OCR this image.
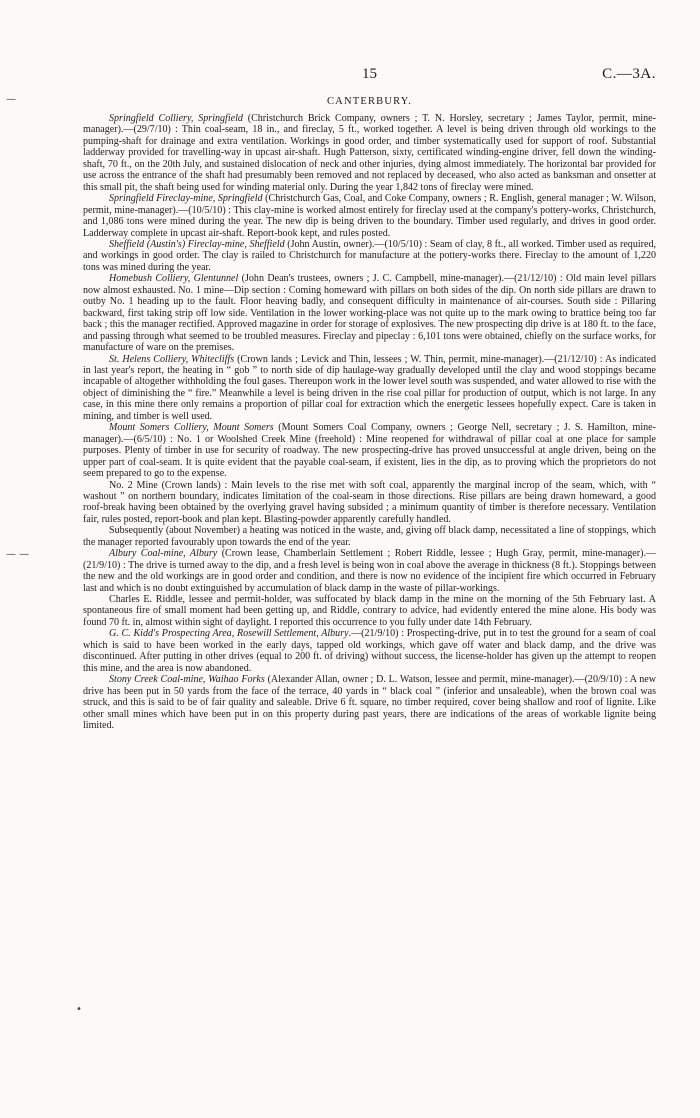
—
— —
•
15	C.—3A.
CANTERBURY.

Springfield Colliery, Springfield (Christchurch Brick Company, owners ; T. N. Horsley, secretary ; James Taylor, permit, mine-manager).—(29/7/10) : Thin coal-seam, 18 in., and fireclay, 5 ft., worked together. A level is being driven through old workings to the pumping-shaft for drainage and extra ventilation. Workings in good order, and timber systematically used for support of roof. Substantial ladderway provided for travelling-way in upcast air-shaft. Hugh Patterson, sixty, certificated winding-engine driver, fell down the winding-shaft, 70 ft., on the 20th July, and sustained dislocation of neck and other injuries, dying almost immediately. The horizontal bar provided for use across the entrance of the shaft had presumably been removed and not replaced by deceased, who also acted as banksman and onsetter at this small pit, the shaft being used for winding material only. During the year 1,842 tons of fireclay were mined.

Springfield Fireclay-mine, Springfield (Christchurch Gas, Coal, and Coke Company, owners ; R. English, general manager ; W. Wilson, permit, mine-manager).—(10/5/10) : This clay-mine is worked almost entirely for fireclay used at the company's pottery-works, Christchurch, and 1,086 tons were mined during the year. The new dip is being driven to the boundary. Timber used regularly, and drives in good order. Ladderway complete in upcast air-shaft. Report-book kept, and rules posted.

Sheffield (Austin's) Fireclay-mine, Sheffield (John Austin, owner).—(10/5/10) : Seam of clay, 8 ft., all worked. Timber used as required, and workings in good order. The clay is railed to Christchurch for manufacture at the pottery-works there. Fireclay to the amount of 1,220 tons was mined during the year.

Homebush Colliery, Glentunnel (John Dean's trustees, owners ; J. C. Campbell, mine-manager).—(21/12/10) : Old main level pillars now almost exhausted. No. 1 mine—Dip section : Coming homeward with pillars on both sides of the dip. On north side pillars are drawn to outby No. 1 heading up to the fault. Floor heaving badly, and consequent difficulty in maintenance of air-courses. South side : Pillaring backward, first taking strip off low side. Ventilation in the lower working-place was not quite up to the mark owing to brattice being too far back ; this the manager rectified. Approved magazine in order for storage of explosives. The new prospecting dip drive is at 180 ft. to the face, and passing through what seemed to be troubled measures. Fireclay and pipeclay : 6,101 tons were obtained, chiefly on the surface works, for manufacture of ware on the premises.

St. Helens Colliery, Whitecliffs (Crown lands ; Levick and Thin, lessees ; W. Thin, permit, mine-manager).—(21/12/10) : As indicated in last year's report, the heating in “ gob ” to north side of dip haulage-way gradually developed until the clay and wood stoppings became incapable of altogether withholding the foul gases. Thereupon work in the lower level south was suspended, and water allowed to rise with the object of diminishing the “ fire.” Meanwhile a level is being driven in the rise coal pillar for production of output, which is not large. In any case, in this mine there only remains a proportion of pillar coal for extraction which the energetic lessees hopefully expect. Care is taken in mining, and timber is well used.

Mount Somers Colliery, Mount Somers (Mount Somers Coal Company, owners ; George Nell, secretary ; J. S. Hamilton, mine-manager).—(6/5/10) : No. 1 or Woolshed Creek Mine (freehold) : Mine reopened for withdrawal of pillar coal at one place for sample purposes. Plenty of timber in use for security of roadway. The new prospecting-drive has proved unsuccessful at angle driven, being on the upper part of coal-seam. It is quite evident that the payable coal-seam, if existent, lies in the dip, as to proving which the proprietors do not seem prepared to go to the expense.

No. 2 Mine (Crown lands) : Main levels to the rise met with soft coal, apparently the marginal incrop of the seam, which, with “ washout ” on northern boundary, indicates limitation of the coal-seam in those directions. Rise pillars are being drawn homeward, a good roof-break having been obtained by the overlying gravel having subsided ; a minimum quantity of timber is therefore necessary. Ventilation fair, rules posted, report-book and plan kept. Blasting-powder apparently carefully handled.

Subsequently (about November) a heating was noticed in the waste, and, giving off black damp, necessitated a line of stoppings, which the manager reported favourably upon towards the end of the year.

Albury Coal-mine, Albury (Crown lease, Chamberlain Settlement ; Robert Riddle, lessee ; Hugh Gray, permit, mine-manager).—(21/9/10) : The drive is turned away to the dip, and a fresh level is being won in coal above the average in thickness (8 ft.). Stoppings between the new and the old workings are in good order and condition, and there is now no evidence of the incipient fire which occurred in February last and which is no doubt extinguished by accumulation of black damp in the waste of pillar-workings.

Charles E. Riddle, lessee and permit-holder, was suffocated by black damp in the mine on the morning of the 5th February last. A spontaneous fire of small moment had been getting up, and Riddle, contrary to advice, had evidently entered the mine alone. His body was found 70 ft. in, almost within sight of daylight. I reported this occurrence to you fully under date 14th February.

G. C. Kidd's Prospecting Area, Rosewill Settlement, Albury.—(21/9/10) : Prospecting-drive, put in to test the ground for a seam of coal which is said to have been worked in the early days, tapped old workings, which gave off water and black damp, and the drive was discontinued. After putting in other drives (equal to 200 ft. of driving) without success, the license-holder has given up the attempt to reopen this mine, and the area is now abandoned.

Stony Creek Coal-mine, Waihao Forks (Alexander Allan, owner ; D. L. Watson, lessee and permit, mine-manager).—(20/9/10) : A new drive has been put in 50 yards from the face of the terrace, 40 yards in “ black coal ” (inferior and unsaleable), when the brown coal was struck, and this is said to be of fair quality and saleable. Drive 6 ft. square, no timber required, cover being shallow and roof of lignite. Like other small mines which have been put in on this property during past years, there are indications of the areas of workable lignite being limited.
